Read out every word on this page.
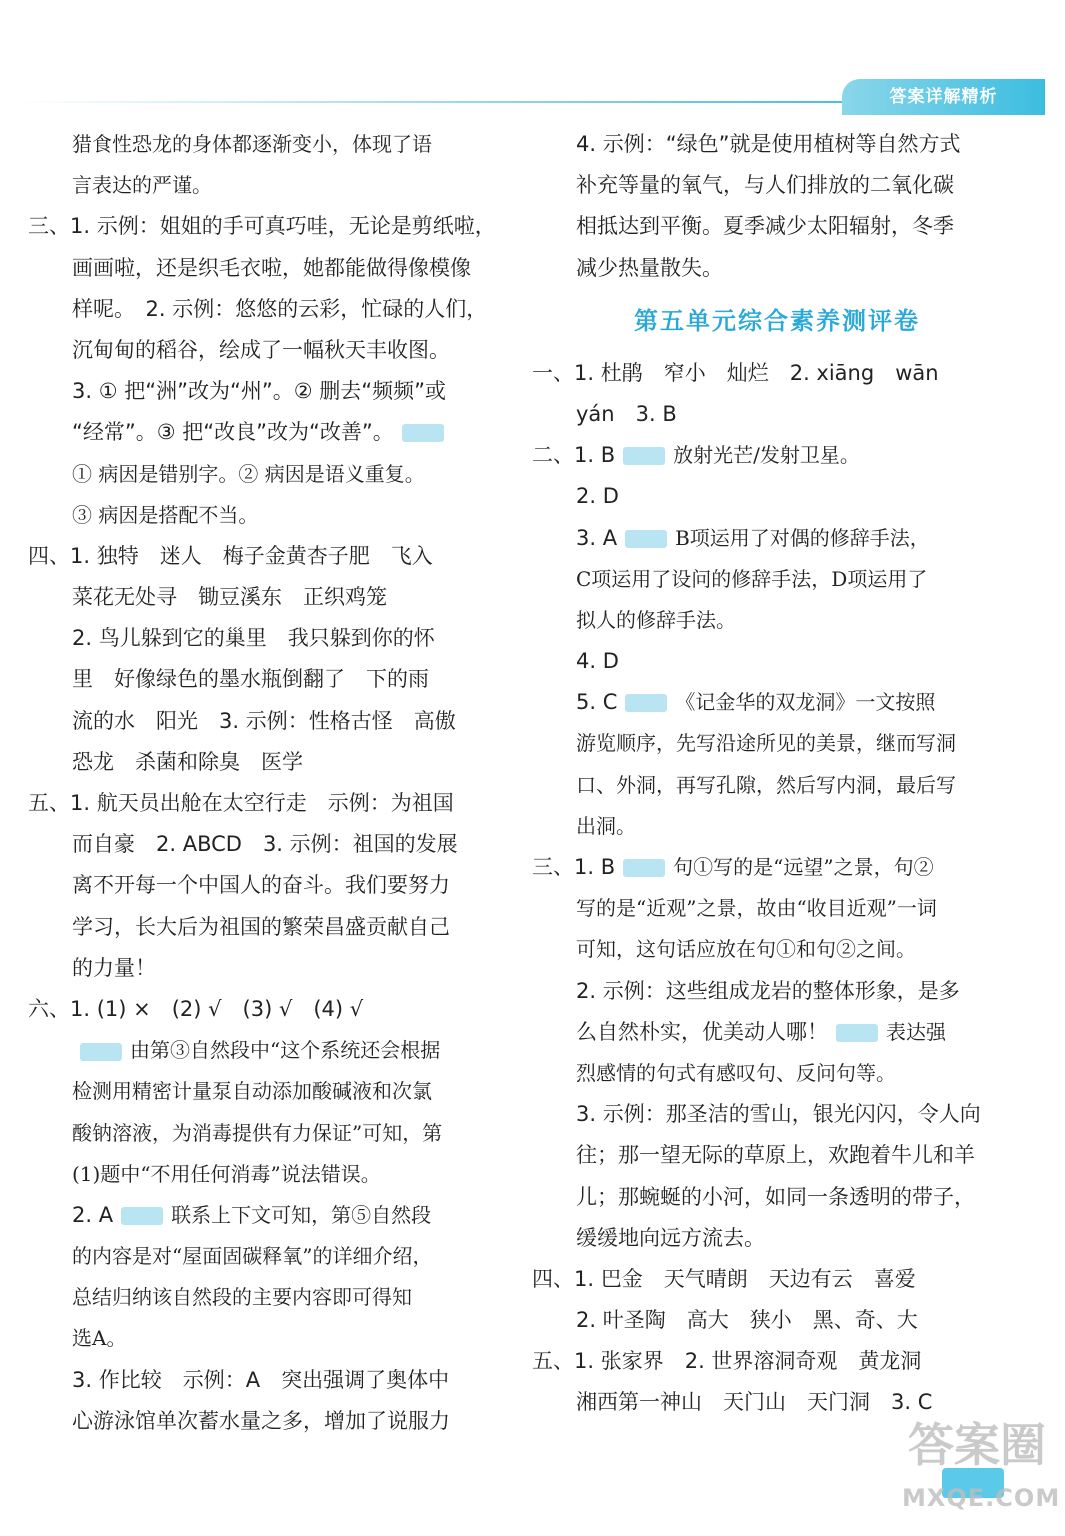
答案详解精析
猎食性恐龙的身体都逐渐变小，体现了语
言表达的严谨。
三、1. 示例：姐姐的手可真巧哇，无论是剪纸啦，
画画啦，还是织毛衣啦，她都能做得像模像
样呢。　2. 示例：悠悠的云彩，忙碌的人们，
沉甸甸的稻谷，绘成了一幅秋天丰收图。
3. ① 把“洲”改为“州”。② 删去“频频”或
“经常”。③ 把“改良”改为“改善”。
① 病因是错别字。② 病因是语义重复。
③ 病因是搭配不当。
四、1. 独特　迷人　梅子金黄杏子肥　飞入
菜花无处寻　锄豆溪东　正织鸡笼
2. 鸟儿躲到它的巢里　我只躲到你的怀
里　好像绿色的墨水瓶倒翻了　下的雨
流的水　阳光　3. 示例：性格古怪　高傲
恐龙　杀菌和除臭　医学
五、1. 航天员出舱在太空行走　示例：为祖国
而自豪　2. ABCD　3. 示例：祖国的发展
离不开每一个中国人的奋斗。我们要努力
学习，长大后为祖国的繁荣昌盛贡献自己
的力量！
六、1. (1) ×　(2) √　(3) √　(4) √
由第③自然段中“这个系统还会根据
检测用精密计量泵自动添加酸碱液和次氯
酸钠溶液，为消毒提供有力保证”可知，第
(1)题中“不用任何消毒”说法错误。
2. A	联系上下文可知，第⑤自然段
的内容是对“屋面固碳释氧”的详细介绍，
总结归纳该自然段的主要内容即可得知
选A。
3. 作比较　示例：A　突出强调了奥体中
心游泳馆单次蓄水量之多，增加了说服力
4. 示例：“绿色”就是使用植树等自然方式
补充等量的氧气，与人们排放的二氧化碳
相抵达到平衡。夏季减少太阳辐射，冬季
减少热量散失。
第五单元综合素养测评卷
一、1. 杜鹃　窄小　灿烂　2. xiāng　wān
yán　3. B
二、1. B	放射光芒/发射卫星。
2. D
3. A	B项运用了对偶的修辞手法，
C项运用了设问的修辞手法，D项运用了
拟人的修辞手法。
4. D
5. C	《记金华的双龙洞》一文按照
游览顺序，先写沿途所见的美景，继而写洞
口、外洞，再写孔隙，然后写内洞，最后写
出洞。
三、1. B	句①写的是“远望”之景，句②
写的是“近观”之景，故由“收目近观”一词
可知，这句话应放在句①和句②之间。
2. 示例：这些组成龙岩的整体形象，是多
么自然朴实，优美动人哪！	表达强
烈感情的句式有感叹句、反问句等。
3. 示例：那圣洁的雪山，银光闪闪，令人向
往；那一望无际的草原上，欢跑着牛儿和羊
儿；那蜿蜒的小河，如同一条透明的带子，
缓缓地向远方流去。
四、1. 巴金　天气晴朗　天边有云　喜爱
2. 叶圣陶　高大　狭小　黑、奇、大
五、1. 张家界　2. 世界溶洞奇观　黄龙洞
湘西第一神山　天门山　天门洞　3. C
答案圈
MXQE.COM
